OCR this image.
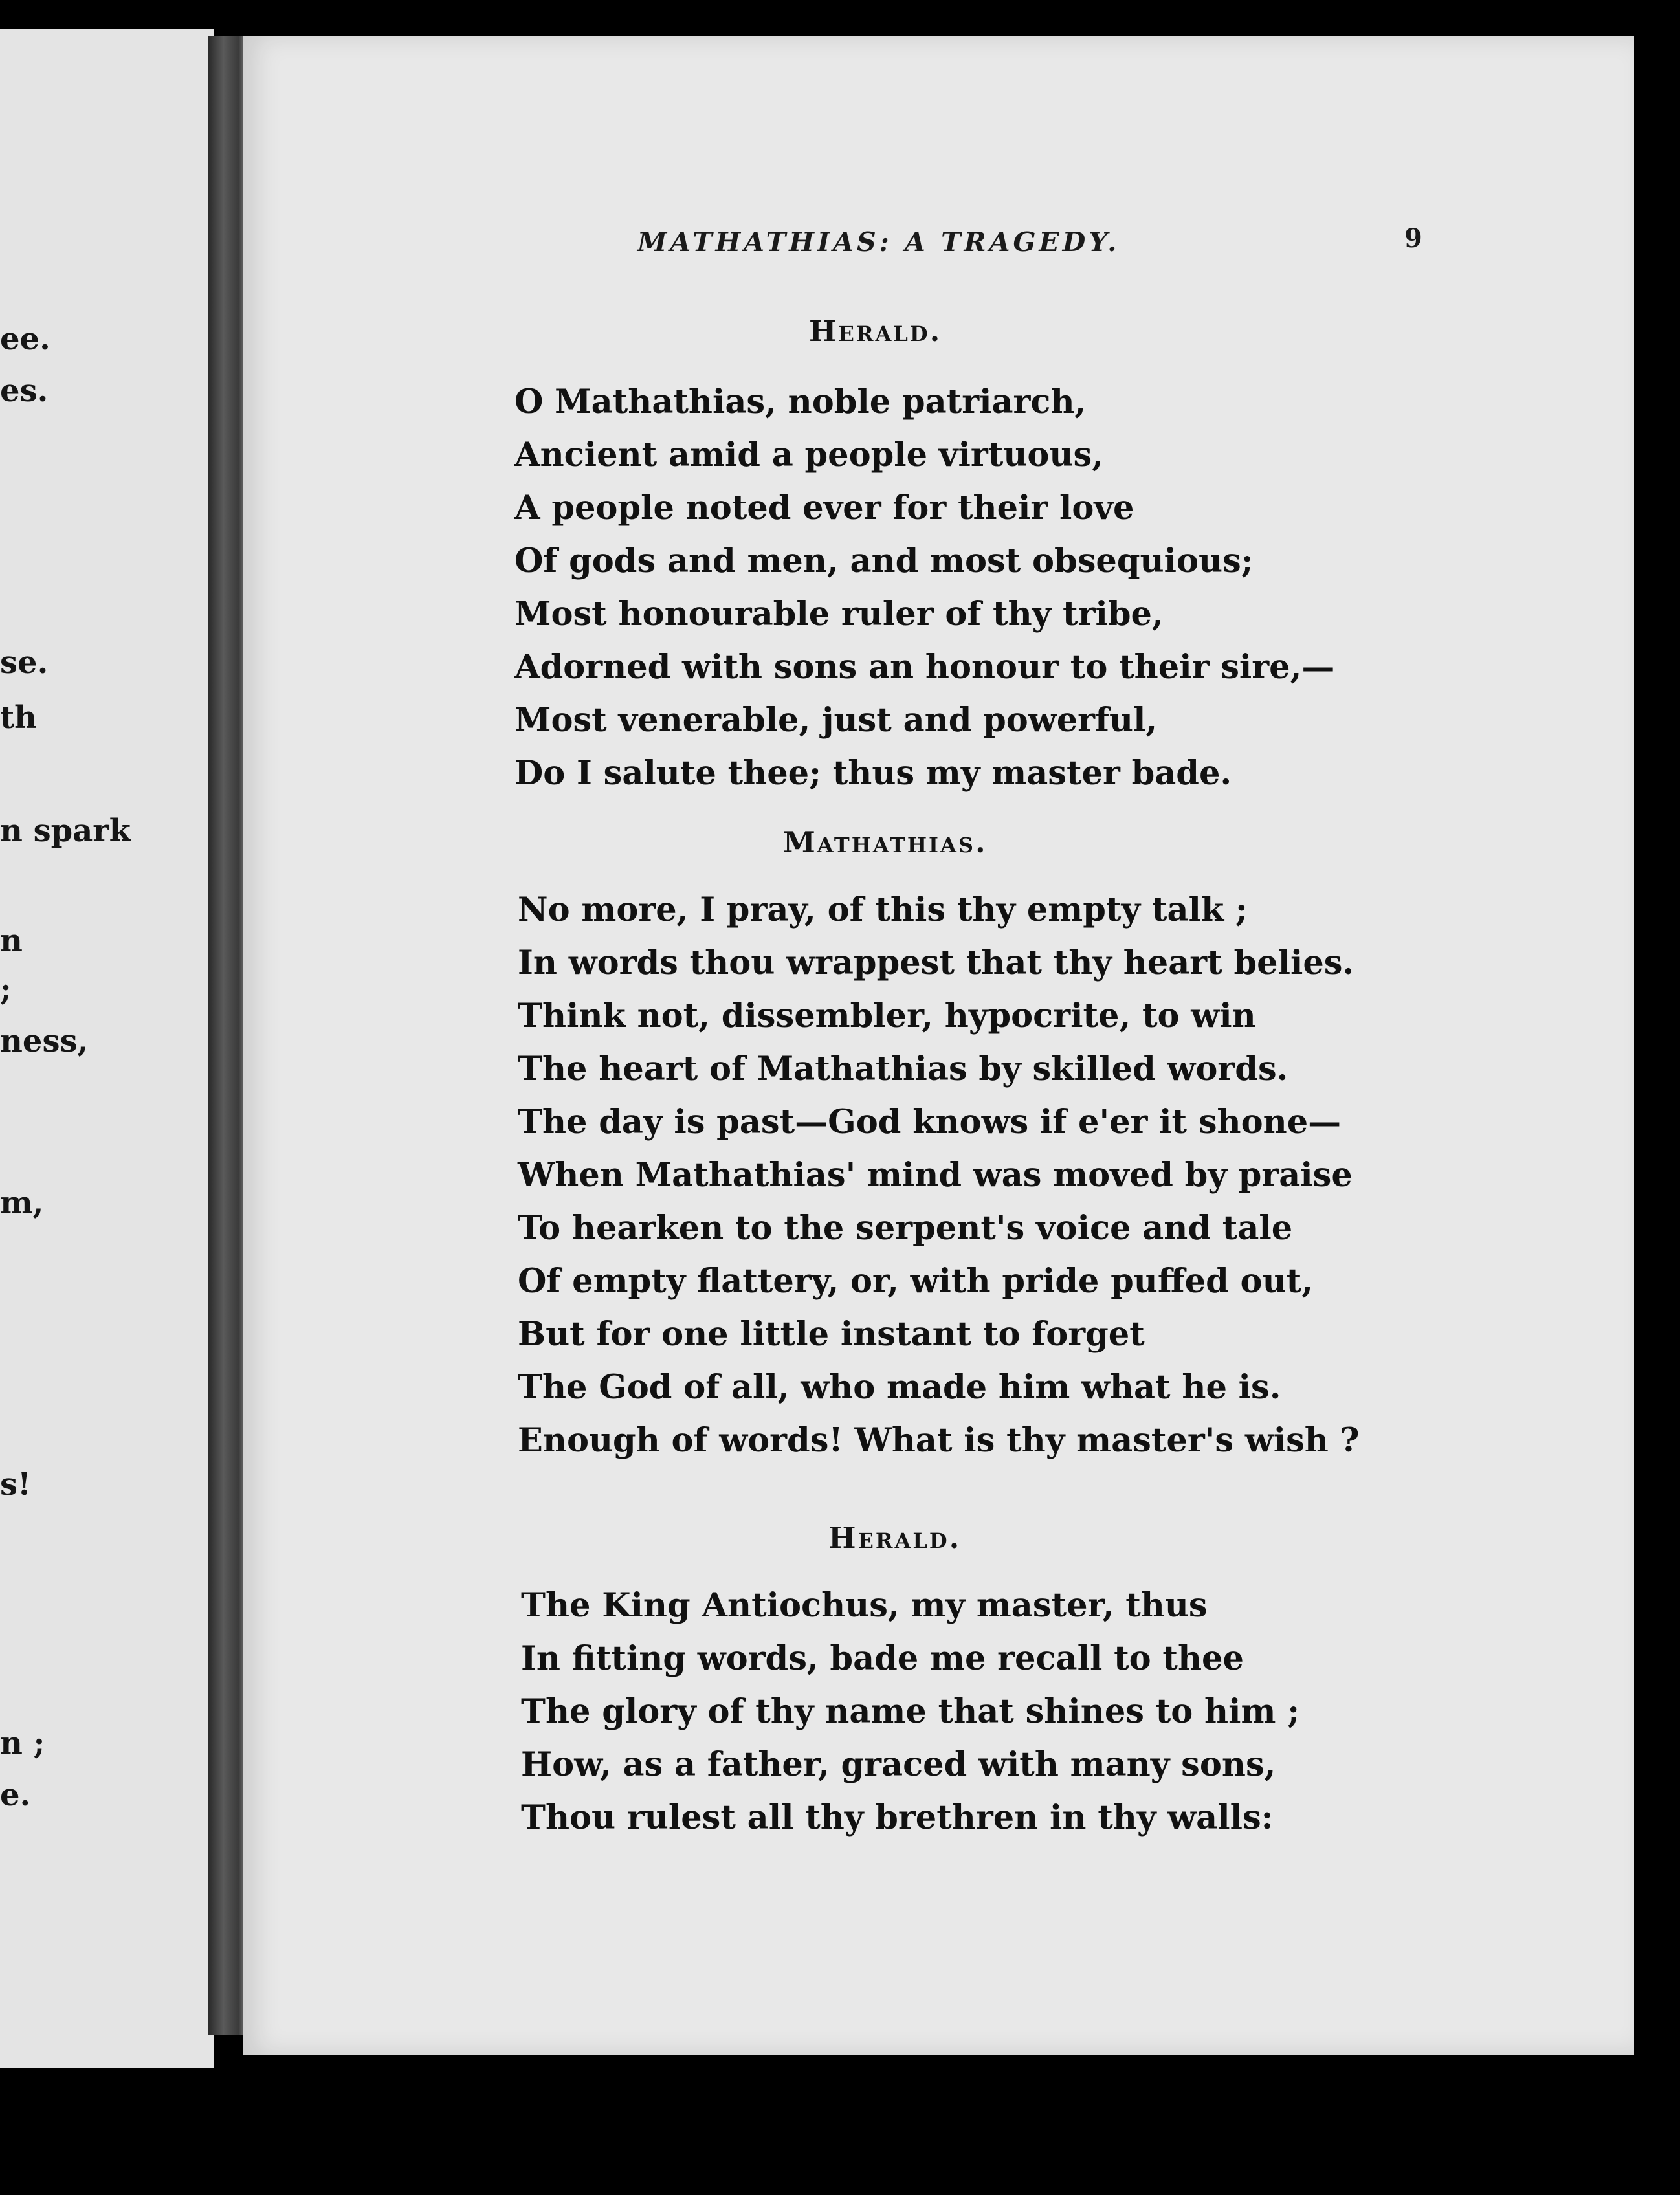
ee.
es.
se.
th
n spark
n
;
ness,
m,
s!
n ;
e.
MATHATHIAS: A TRAGEDY.	9
Herald.
O Mathathias, noble patriarch,
Ancient amid a people virtuous,
A people noted ever for their love
Of gods and men, and most obsequious;
Most honourable ruler of thy tribe,
Adorned with sons an honour to their sire,—
Most venerable, just and powerful,
Do I salute thee; thus my master bade.
Mathathias.
No more, I pray, of this thy empty talk ;
In words thou wrappest that thy heart belies.
Think not, dissembler, hypocrite, to win
The heart of Mathathias by skilled words.
The day is past—God knows if e'er it shone—
When Mathathias' mind was moved by praise
To hearken to the serpent's voice and tale
Of empty flattery, or, with pride puffed out,
But for one little instant to forget
The God of all, who made him what he is.
Enough of words! What is thy master's wish ?
Herald.
The King Antiochus, my master, thus
In fitting words, bade me recall to thee
The glory of thy name that shines to him ;
How, as a father, graced with many sons,
Thou rulest all thy brethren in thy walls:
